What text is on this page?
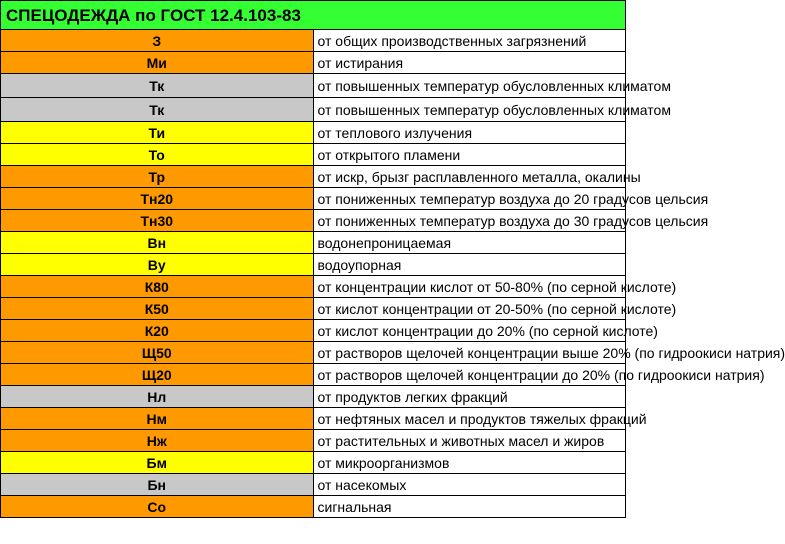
СПЕЦОДЕЖДА по ГОСТ 12.4.103-83	
З	от общих производственных загрязнений
Ми	от истирания
Тк	от повышенных температур обусловленных климатом
Тк	от повышенных температур обусловленных климатом
Ти	от теплового излучения
То	от открытого пламени
Тр	от искр, брызг расплавленного металла, окалины
Тн20	от пониженных температур воздуха до 20 градусов цельсия
Тн30	от пониженных температур воздуха до 30 градусов цельсия
Вн	водонепроницаемая
Ву	водоупорная
К80	от концентрации кислот от 50-80% (по серной кислоте)
К50	от кислот концентрации от 20-50% (по серной кислоте)
К20	от кислот концентрации до 20% (по серной кислоте)
Щ50	от растворов щелочей концентрации выше 20% (по гидроокиси натрия)
Щ20	от растворов щелочей концентрации до 20% (по гидроокиси натрия)
Нл	от продуктов легких фракций
Нм	от нефтяных масел и продуктов тяжелых фракций
Нж	от растительных и животных масел и жиров
Бм	от микроорганизмов
Бн	от насекомых
Со	сигнальная
